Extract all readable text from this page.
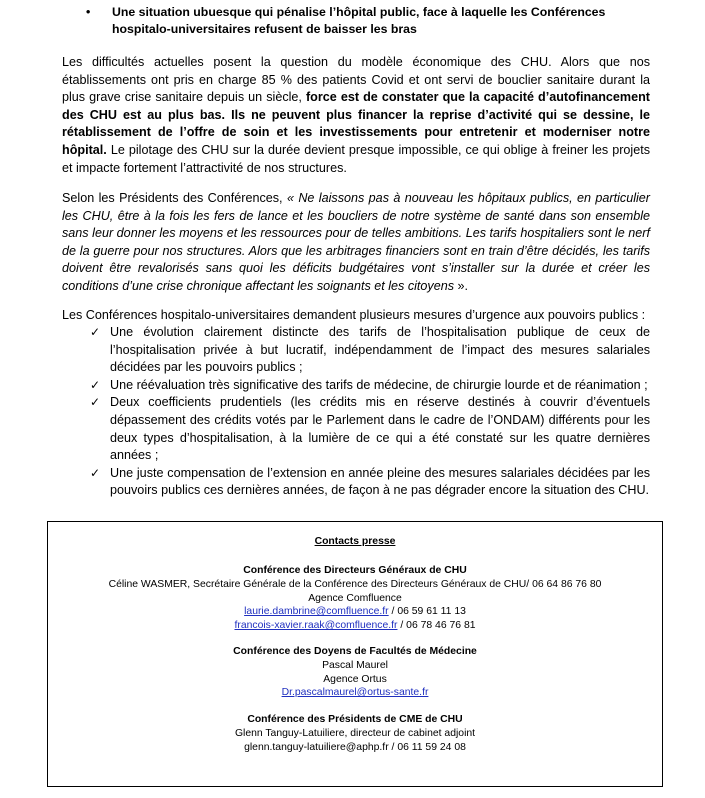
•	Une situation ubuesque qui pénalise l’hôpital public, face à laquelle les Conférences hospitalo-universitaires refusent de baisser les bras

Les difficultés actuelles posent la question du modèle économique des CHU. Alors que nos établissements ont pris en charge 85 % des patients Covid et ont servi de bouclier sanitaire durant la plus grave crise sanitaire depuis un siècle, force est de constater que la capacité d’autofinancement des CHU est au plus bas. Ils ne peuvent plus financer la reprise d’activité qui se dessine, le rétablissement de l’offre de soin et les investissements pour entretenir et moderniser notre hôpital. Le pilotage des CHU sur la durée devient presque impossible, ce qui oblige à freiner les projets et impacte fortement l’attractivité de nos structures.

Selon les Présidents des Conférences, « Ne laissons pas à nouveau les hôpitaux publics, en particulier les CHU, être à la fois les fers de lance et les boucliers de notre système de santé dans son ensemble sans leur donner les moyens et les ressources pour de telles ambitions. Les tarifs hospitaliers sont le nerf de la guerre pour nos structures. Alors que les arbitrages financiers sont en train d’être décidés, les tarifs doivent être revalorisés sans quoi les déficits budgétaires vont s’installer sur la durée et créer les conditions d’une crise chronique affectant les soignants et les citoyens ».

Les Conférences hospitalo-universitaires demandent plusieurs mesures d’urgence aux pouvoirs publics :

✓ Une évolution clairement distincte des tarifs de l’hospitalisation publique de ceux de l’hospitalisation privée à but lucratif, indépendamment de l’impact des mesures salariales décidées par les pouvoirs publics ;
✓ Une réévaluation très significative des tarifs de médecine, de chirurgie lourde et de réanimation ;
✓ Deux coefficients prudentiels (les crédits mis en réserve destinés à couvrir d’éventuels dépassement des crédits votés par le Parlement dans le cadre de l’ONDAM) différents pour les deux types d’hospitalisation, à la lumière de ce qui a été constaté sur les quatre dernières années ;
✓ Une juste compensation de l’extension en année pleine des mesures salariales décidées par les pouvoirs publics ces dernières années, de façon à ne pas dégrader encore la situation des CHU.
Contacts presse
Conférence des Directeurs Généraux de CHU
Céline WASMER, Secrétaire Générale de la Conférence des Directeurs Généraux de CHU/ 06 64 86 76 80
Agence Comfluence
laurie.dambrine@comfluence.fr / 06 59 61 11 13
francois-xavier.raak@comfluence.fr / 06 78 46 76 81
Conférence des Doyens de Facultés de Médecine
Pascal Maurel
Agence Ortus
Dr.pascalmaurel@ortus-sante.fr
Conférence des Présidents de CME de CHU
Glenn Tanguy-Latuiliere, directeur de cabinet adjoint
glenn.tanguy-latuiliere@aphp.fr / 06 11 59 24 08
